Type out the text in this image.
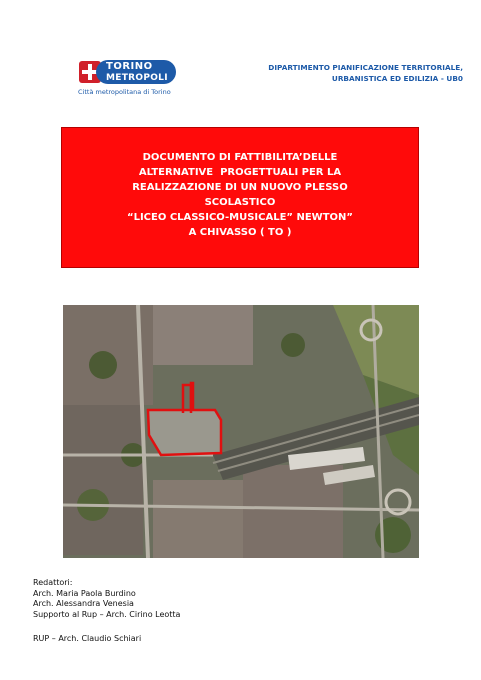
TORINO
METROPOLI
Città metropolitana di Torino
DIPARTIMENTO PIANIFICAZIONE TERRITORIALE,
URBANISTICA ED EDILIZIA - UB0
DOCUMENTO DI FATTIBILITA’DELLE
ALTERNATIVE  PROGETTUALI PER LA
REALIZZAZIONE DI UN NUOVO PLESSO
SCOLASTICO
“LICEO CLASSICO-MUSICALE” NEWTON”
A CHIVASSO ( TO )
Redattori:
Arch. Maria Paola Burdino
Arch. Alessandra Venesia
Supporto al Rup – Arch. Cirino Leotta
RUP – Arch. Claudio Schiari
